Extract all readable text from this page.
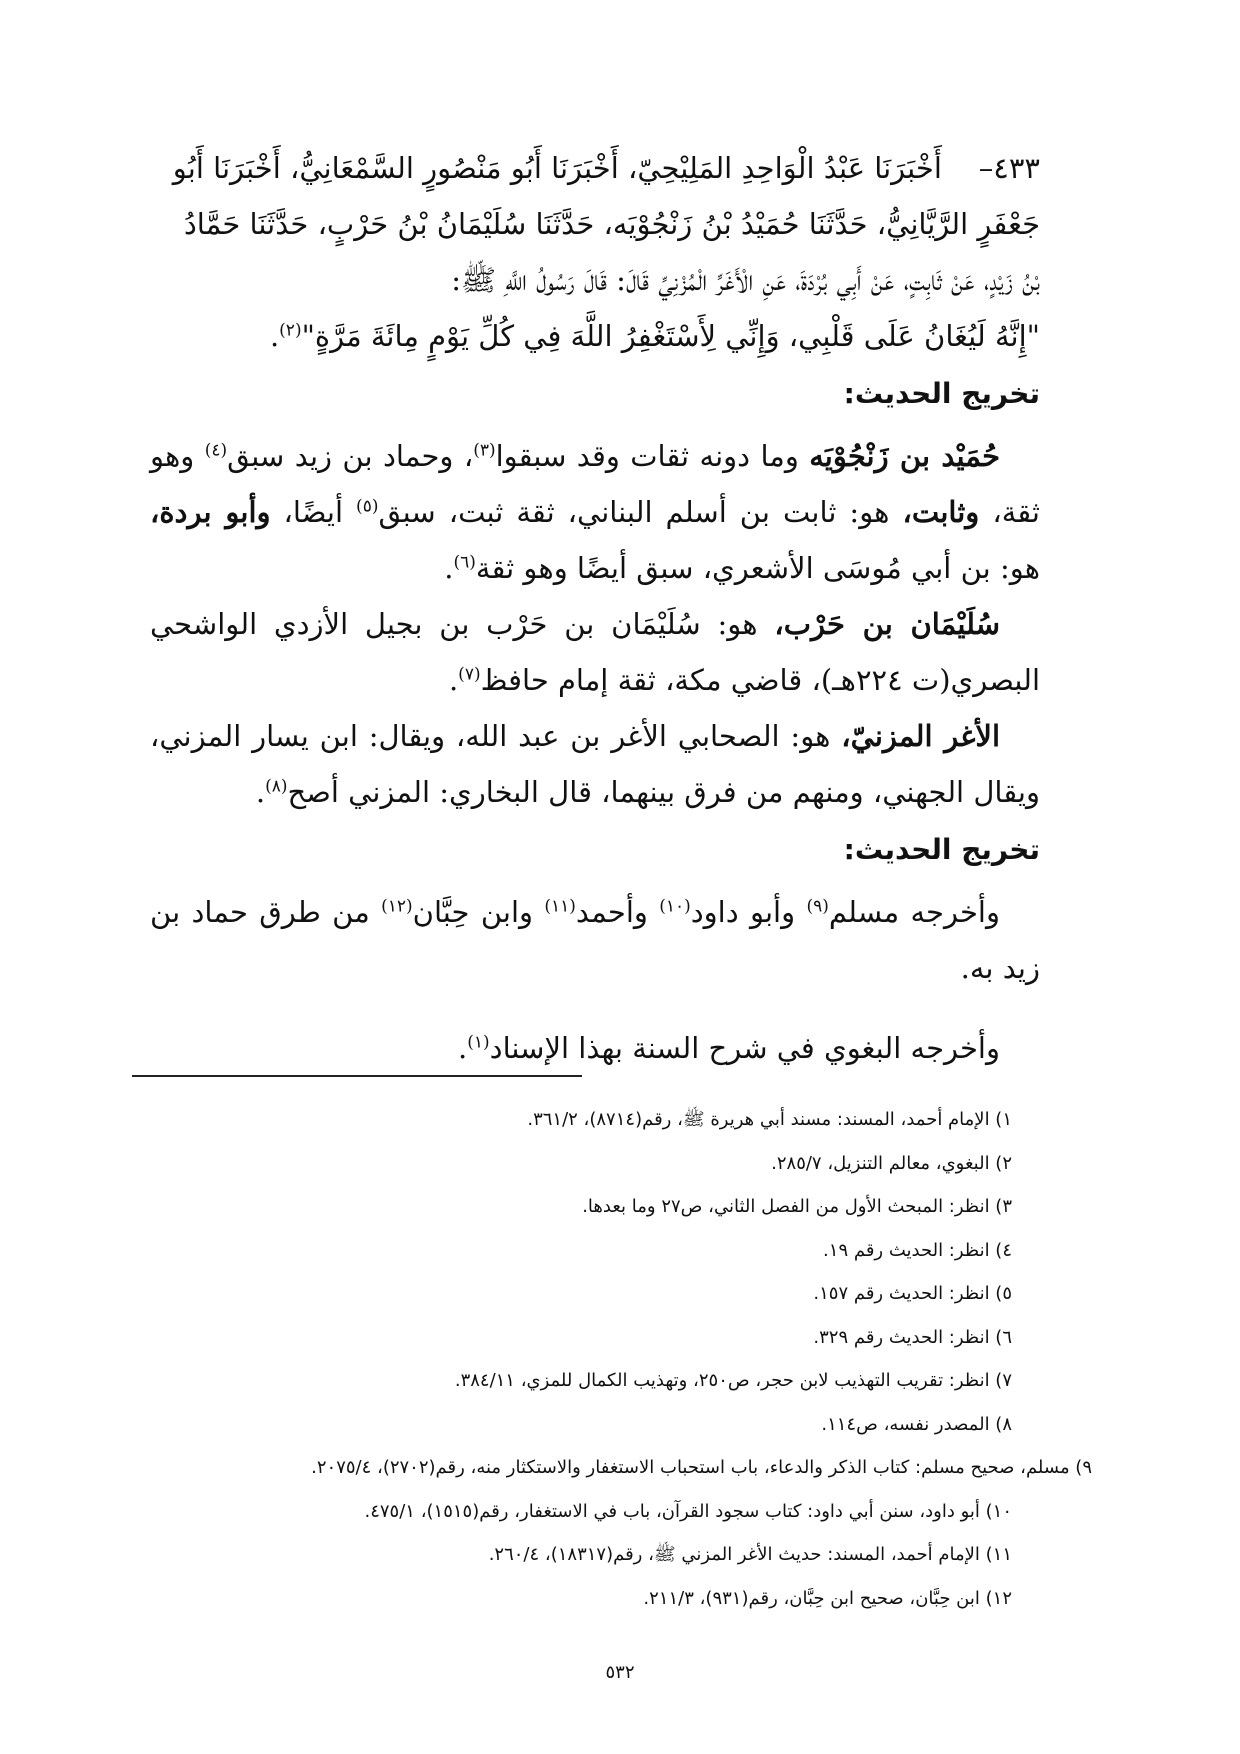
٤٣٣–    أَخْبَرَنَا عَبْدُ الْوَاحِدِ المَلِيْحِيّ، أَخْبَرَنَا أَبُو مَنْصُورٍ السَّمْعَانِيُّ، أَخْبَرَنَا أَبُو
جَعْفَرٍ الرَّيَّانِيُّ، حَدَّثَنَا حُمَيْدُ بْنُ زَنْجُوْيَه، حَدَّثَنَا سُلَيْمَانُ بْنُ حَرْبٍ، حَدَّثَنَا حَمَّادُ
بْنُ زَيْدٍ، عَنْ ثَابِتٍ، عَنْ أَبِي بُرْدَةَ، عَنِ الْأَغَرِّ الْمُزْنِيِّ قَالَ: قَالَ رَسُولُ اللَّهِ ﷺ:
"إِنَّهُ لَيُغَانُ عَلَى قَلْبِي، وَإِنِّي لِأَسْتَغْفِرُ اللَّهَ فِي كُلِّ يَوْمٍ مِائَةَ مَرَّةٍ"$^{(٢)}$.

تخريج الحديث:

حُمَيْد بن زَنْجُوْيَه وما دونه ثقات وقد سبقوا$^{(٣)}$، وحماد بن زيد سبق$^{(٤)}$ وهو ثقة، وثابت، هو: ثابت بن أسلم البناني، ثقة ثبت، سبق$^{(٥)}$ أيضًا، وأبو بردة، هو: بن أبي مُوسَى الأشعري، سبق أيضًا وهو ثقة$^{(٦)}$.

سُلَيْمَان بن حَرْب، هو: سُلَيْمَان بن حَرْب بن بجيل الأزدي الواشحي البصري(ت ٢٢٤هـ)، قاضي مكة، ثقة إمام حافظ$^{(٧)}$.

الأغر المزنيّ، هو: الصحابي الأغر بن عبد الله، ويقال: ابن يسار المزني، ويقال الجهني، ومنهم من فرق بينهما، قال البخاري: المزني أصح$^{(٨)}$.

تخريج الحديث:

وأخرجه مسلم$^{(٩)}$ وأبو داود$^{(١٠)}$ وأحمد$^{(١١)}$ وابن حِبَّان$^{(١٢)}$ من طرق حماد بن زيد به.

وأخرجه البغوي في شرح السنة بهذا الإسناد$^{(١)}$.

١) الإمام أحمد، المسند: مسند أبي هريرة ﷺ، رقم(٨٧١٤)، ٣٦١/٢.

٢) البغوي، معالم التنزيل، ٢٨٥/٧.

٣) انظر: المبحث الأول من الفصل الثاني، ص٢٧ وما بعدها.

٤) انظر: الحديث رقم ١٩.

٥) انظر: الحديث رقم ١٥٧.

٦) انظر: الحديث رقم ٣٢٩.

٧) انظر: تقريب التهذيب لابن حجر، ص٢٥٠، وتهذيب الكمال للمزي، ٣٨٤/١١.

٨) المصدر نفسه، ص١١٤.

٩) مسلم، صحيح مسلم: كتاب الذكر والدعاء، باب استحباب الاستغفار والاستكثار منه، رقم(٢٧٠٢)، ٢٠٧٥/٤.

١٠) أبو داود، سنن أبي داود: كتاب سجود القرآن، باب في الاستغفار، رقم(١٥١٥)، ٤٧٥/١.

١١) الإمام أحمد، المسند: حديث الأغر المزني ﷺ، رقم(١٨٣١٧)، ٢٦٠/٤.

١٢) ابن حِبَّان، صحيح ابن حِبَّان، رقم(٩٣١)، ٢١١/٣.

٥٣٢
